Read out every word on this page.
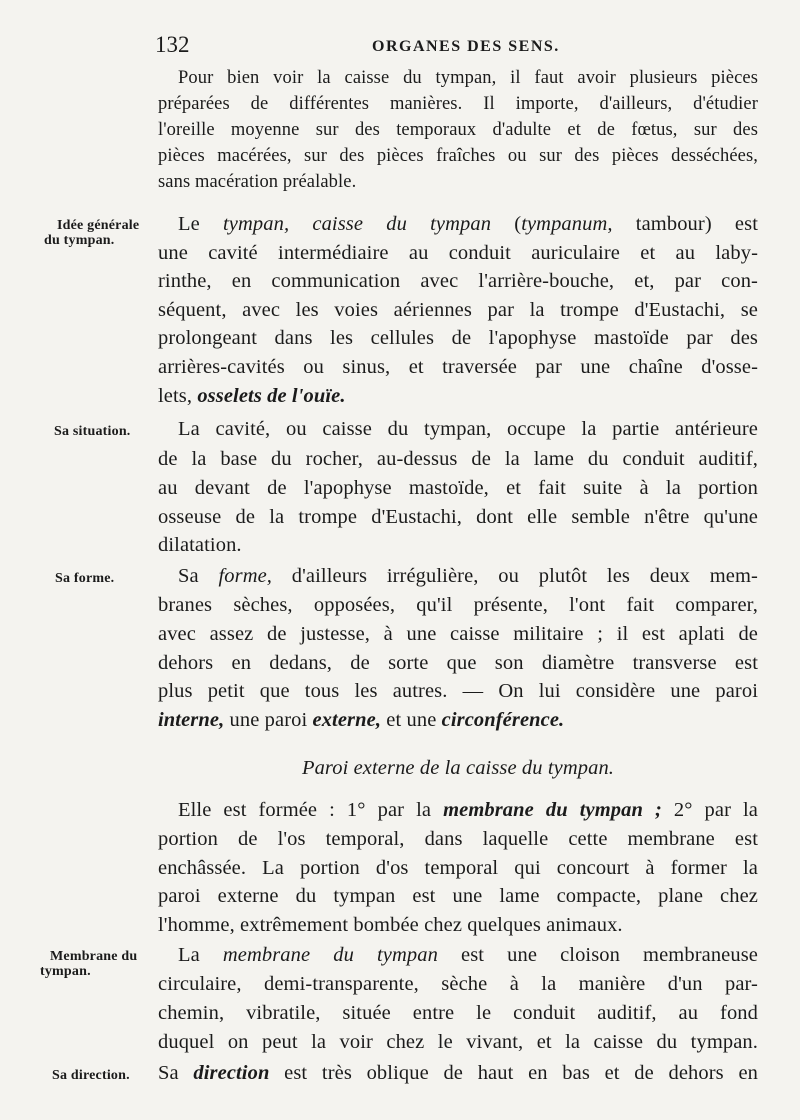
132	ORGANES DES SENS.
Idée générale
du tympan.
Sa situation.
Sa forme.
Membrane du
tympan.
Sa direction.
Pour bien voir la caisse du tympan, il faut avoir plusieurs pièces
préparées de différentes manières. Il importe, d'ailleurs, d'étudier
l'oreille moyenne sur des temporaux d'adulte et de fœtus, sur des
pièces macérées, sur des pièces fraîches ou sur des pièces desséchées,
sans macération préalable.
Le tympan, caisse du tympan (tympanum, tambour) est
une cavité intermédiaire au conduit auriculaire et au laby-
rinthe, en communication avec l'arrière-bouche, et, par con-
séquent, avec les voies aériennes par la trompe d'Eustachi, se
prolongeant dans les cellules de l'apophyse mastoïde par des
arrières-cavités ou sinus, et traversée par une chaîne d'osse-
lets, osselets de l'ouïe.
La cavité, ou caisse du tympan, occupe la partie antérieure
de la base du rocher, au-dessus de la lame du conduit auditif,
au devant de l'apophyse mastoïde, et fait suite à la portion
osseuse de la trompe d'Eustachi, dont elle semble n'être qu'une
dilatation.
Sa forme, d'ailleurs irrégulière, ou plutôt les deux mem-
branes sèches, opposées, qu'il présente, l'ont fait comparer,
avec assez de justesse, à une caisse militaire ; il est aplati de
dehors en dedans, de sorte que son diamètre transverse est
plus petit que tous les autres. — On lui considère une paroi
interne, une paroi externe, et une circonférence.
Paroi externe de la caisse du tympan.
Elle est formée : 1° par la membrane du tympan ; 2° par la
portion de l'os temporal, dans laquelle cette membrane est
enchâssée. La portion d'os temporal qui concourt à former la
paroi externe du tympan est une lame compacte, plane chez
l'homme, extrêmement bombée chez quelques animaux.
La membrane du tympan est une cloison membraneuse
circulaire, demi-transparente, sèche à la manière d'un par-
chemin, vibratile, située entre le conduit auditif, au fond
duquel on peut la voir chez le vivant, et la caisse du tympan.
Sa direction est très oblique de haut en bas et de dehors en
